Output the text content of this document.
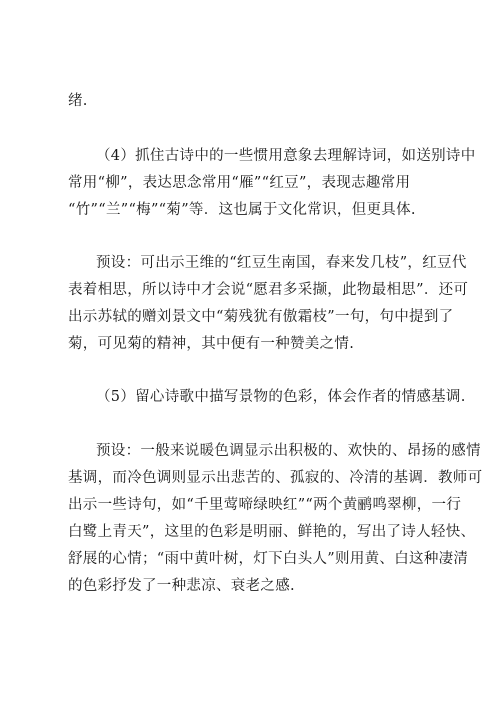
绪.
（4）抓住古诗中的一些惯用意象去理解诗词，如送别诗中
常用“柳”，表达思念常用“雁”“红豆”，表现志趣常用
“竹”“兰”“梅”“菊”等．这也属于文化常识，但更具体.
预设：可出示王维的“红豆生南国，春来发几枝”，红豆代
表着相思，所以诗中才会说“愿君多采撷，此物最相思”．还可
出示苏轼的赠刘景文中“菊残犹有傲霜枝”一句，句中提到了
菊，可见菊的精神，其中便有一种赞美之情.
（5）留心诗歌中描写景物的色彩，体会作者的情感基调.
预设：一般来说暖色调显示出积极的、欢快的、昂扬的感情
基调，而冷色调则显示出悲苦的、孤寂的、冷清的基调．教师可
出示一些诗句，如“千里莺啼绿映红”“两个黄鹂鸣翠柳，一行
白鹭上青天”，这里的色彩是明丽、鲜艳的，写出了诗人轻快、
舒展的心情；“雨中黄叶树，灯下白头人”则用黄、白这种凄清
的色彩抒发了一种悲凉、衰老之感.
